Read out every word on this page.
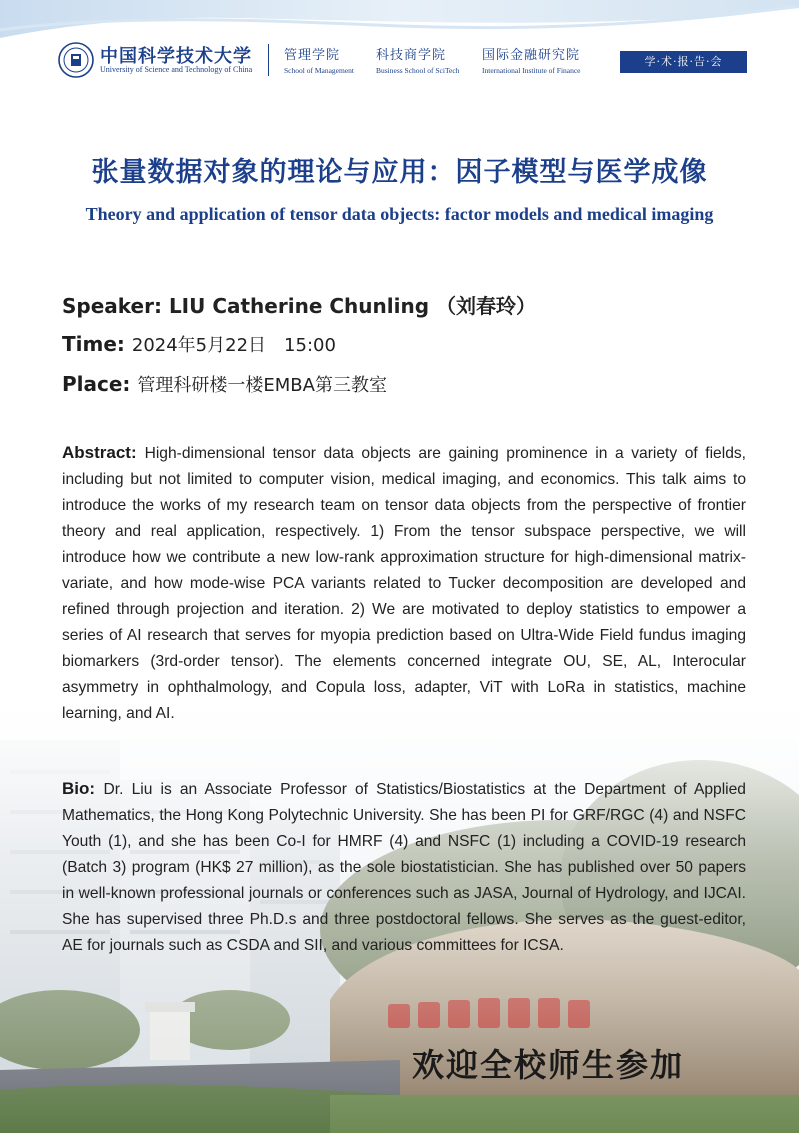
中国科学技术大学
University of Science and Technology of China
管理学院
School of Management
科技商学院
Business School of SciTech
国际金融研究院
International Institute of Finance
学·术·报·告·会
张量数据对象的理论与应用：因子模型与医学成像
Theory and application of tensor data objects: factor models and medical imaging
Speaker: LIU Catherine Chunling （刘春玲）
Time: 2024年5月22日　15:00
Place: 管理科研楼一楼EMBA第三教室
Abstract: High-dimensional tensor data objects are gaining prominence in a variety of fields, including but not limited to computer vision, medical imaging, and economics. This talk aims to introduce the works of my research team on tensor data objects from the perspective of frontier theory and real application, respectively. 1) From the tensor subspace perspective, we will introduce how we contribute a new low-rank approximation structure for high-dimensional matrix-variate, and how mode-wise PCA variants related to Tucker decomposition are developed and refined through projection and iteration. 2) We are motivated to deploy statistics to empower a series of AI research that serves for myopia prediction based on Ultra-Wide Field fundus imaging biomarkers (3rd-order tensor). The elements concerned integrate OU, SE, AL, Interocular asymmetry in ophthalmology, and Copula loss, adapter, ViT with LoRa in statistics, machine learning, and AI.
Bio: Dr. Liu is an Associate Professor of Statistics/Biostatistics at the Department of Applied Mathematics, the Hong Kong Polytechnic University. She has been PI for GRF/RGC (4) and NSFC Youth (1), and she has been Co-I for HMRF (4) and NSFC (1) including a COVID-19 research (Batch 3) program (HK$ 27 million), as the sole biostatistician. She has published over 50 papers in well-known professional journals or conferences such as JASA, Journal of Hydrology, and IJCAI. She has supervised three Ph.D.s and three postdoctoral fellows. She serves as the guest-editor, AE for journals such as CSDA and SII, and various committees for ICSA.
欢迎全校师生参加
